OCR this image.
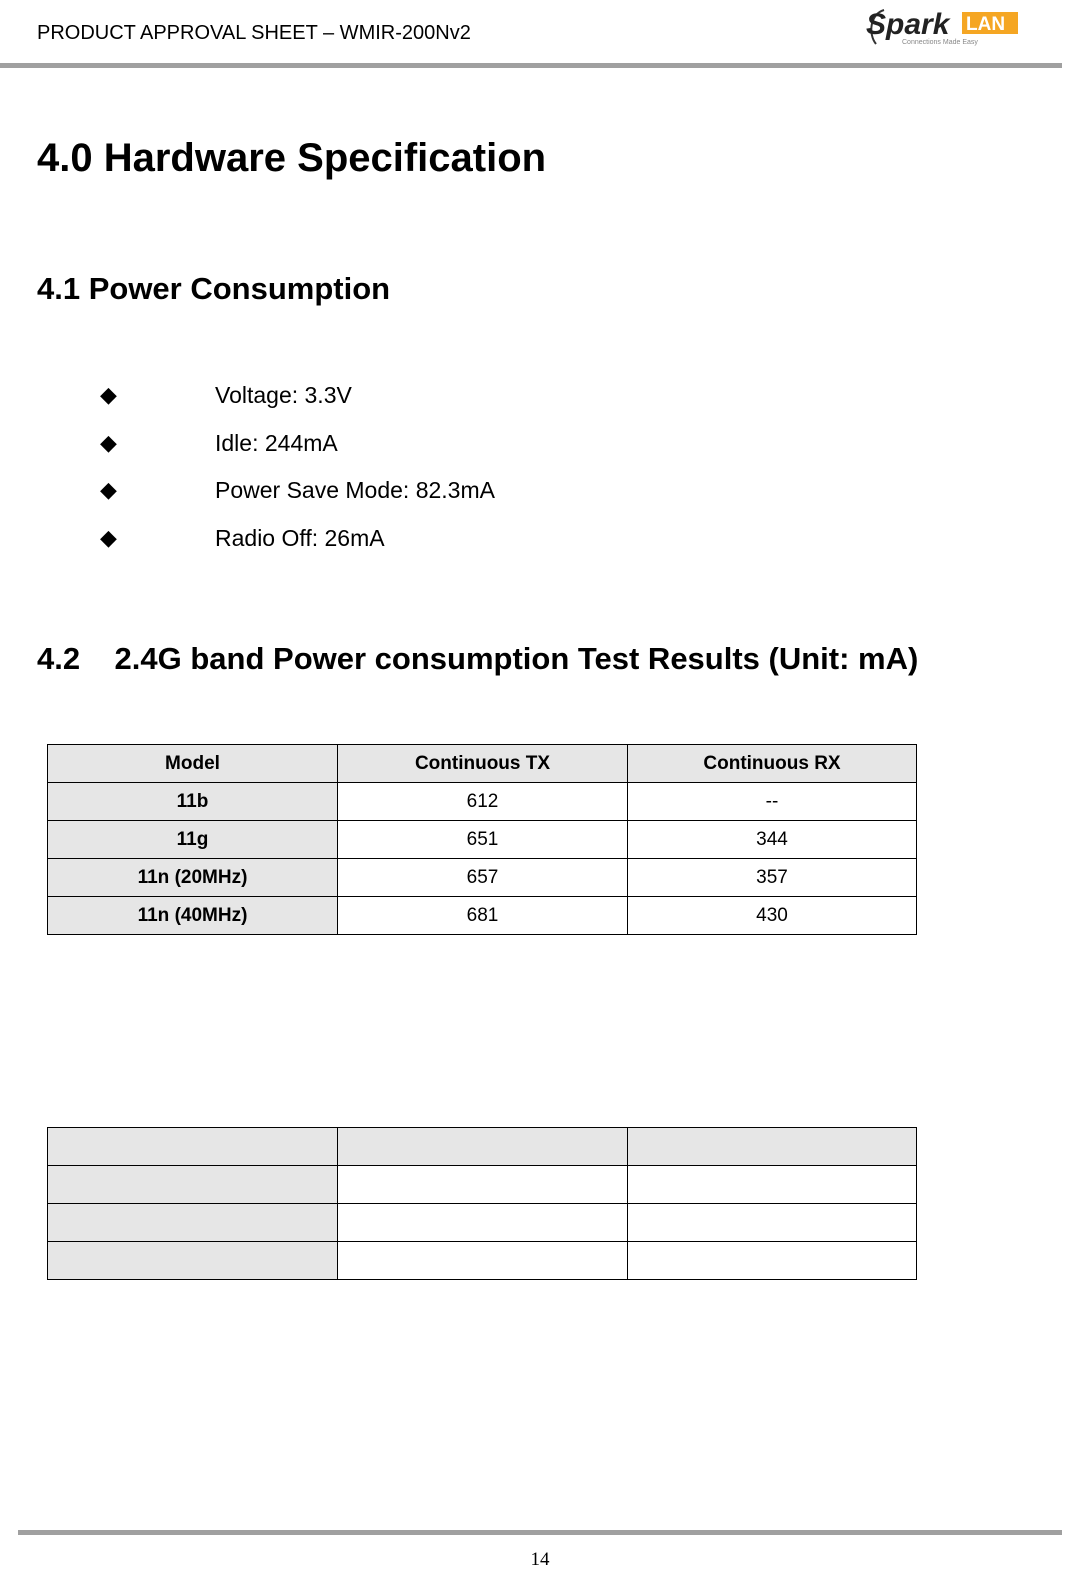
PRODUCT APPROVAL SHEET – WMIR-200Nv2	Spark LAN
Connections Made Easy
4.0 Hardware Specification
4.1 Power Consumption
◆	Voltage: 3.3V
◆	Idle: 244mA
◆	Power Save Mode: 82.3mA
◆	Radio Off: 26mA
4.2    2.4G band Power consumption Test Results (Unit: mA)
Model	Continuous TX	Continuous RX
11b	612	--
11g	651	344
11n (20MHz)	657	357
11n (40MHz)	681	430

14
